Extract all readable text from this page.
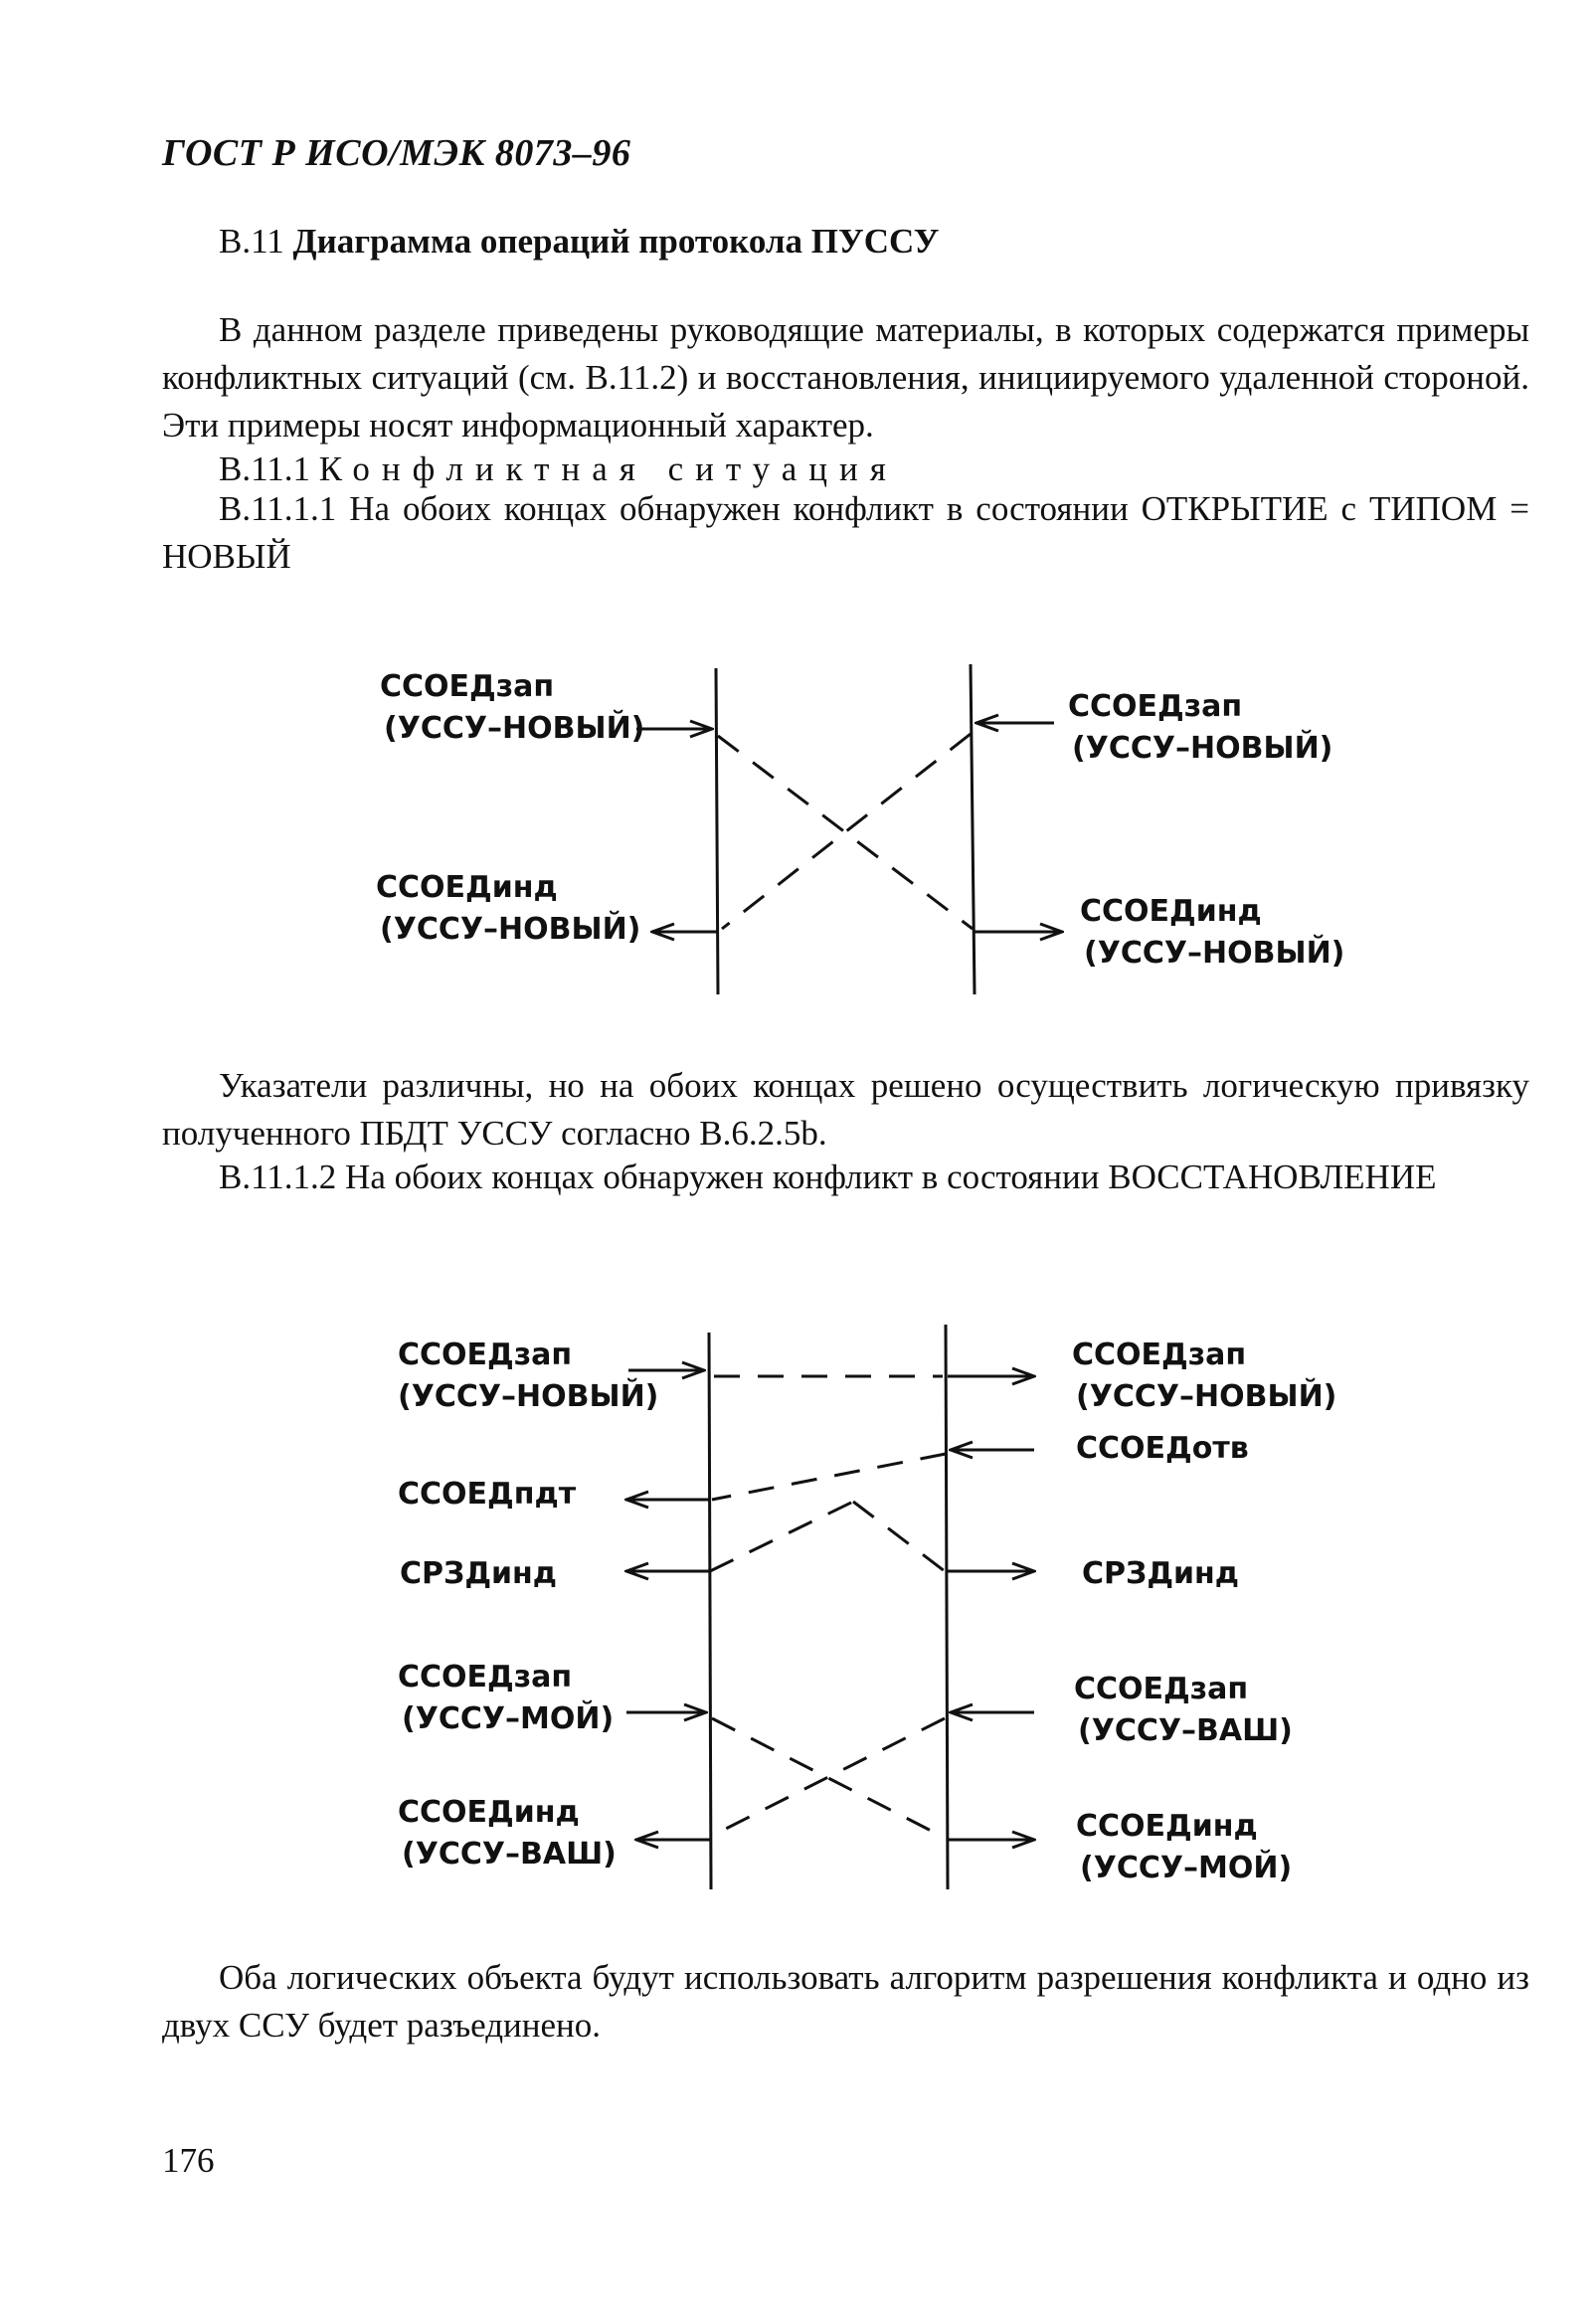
ГОСТ Р ИСО/МЭК 8073–96
B.11 Диаграмма операций протокола ПУССУ
В данном разделе приведены руководящие материалы, в которых содержатся примеры конфликтных ситуаций (см. B.11.2) и восстановления, инициируемого удаленной стороной. Эти примеры носят информационный характер.
B.11.1 Конфликтная ситуация
B.11.1.1 На обоих концах обнаружен конфликт в состоянии ОТКРЫТИЕ с ТИПОМ = НОВЫЙ
ССОЕДзап
(УССУ–НОВЫЙ)
ССОЕДзап
(УССУ–НОВЫЙ)
ССОЕДинд
(УССУ–НОВЫЙ)
ССОЕДинд
(УССУ–НОВЫЙ)
ССОЕДзап
(УССУ–НОВЫЙ)
ССОЕДпдт
СРЗДинд
ССОЕДзап
(УССУ–МОЙ)
ССОЕДинд
(УССУ–ВАШ)
ССОЕДзап
(УССУ–НОВЫЙ)
ССОЕДотв
СРЗДинд
ССОЕДзап
(УССУ–ВАШ)
ССОЕДинд
(УССУ–МОЙ)
Указатели различны, но на обоих концах решено осуществить логическую привязку полученного ПБДТ УССУ согласно B.6.2.5b.
B.11.1.2 На обоих концах обнаружен конфликт в состоянии ВОССТАНОВЛЕНИЕ
Оба логических объекта будут использовать алгоритм разрешения конфликта и одно из двух ССУ будет разъединено.
176
